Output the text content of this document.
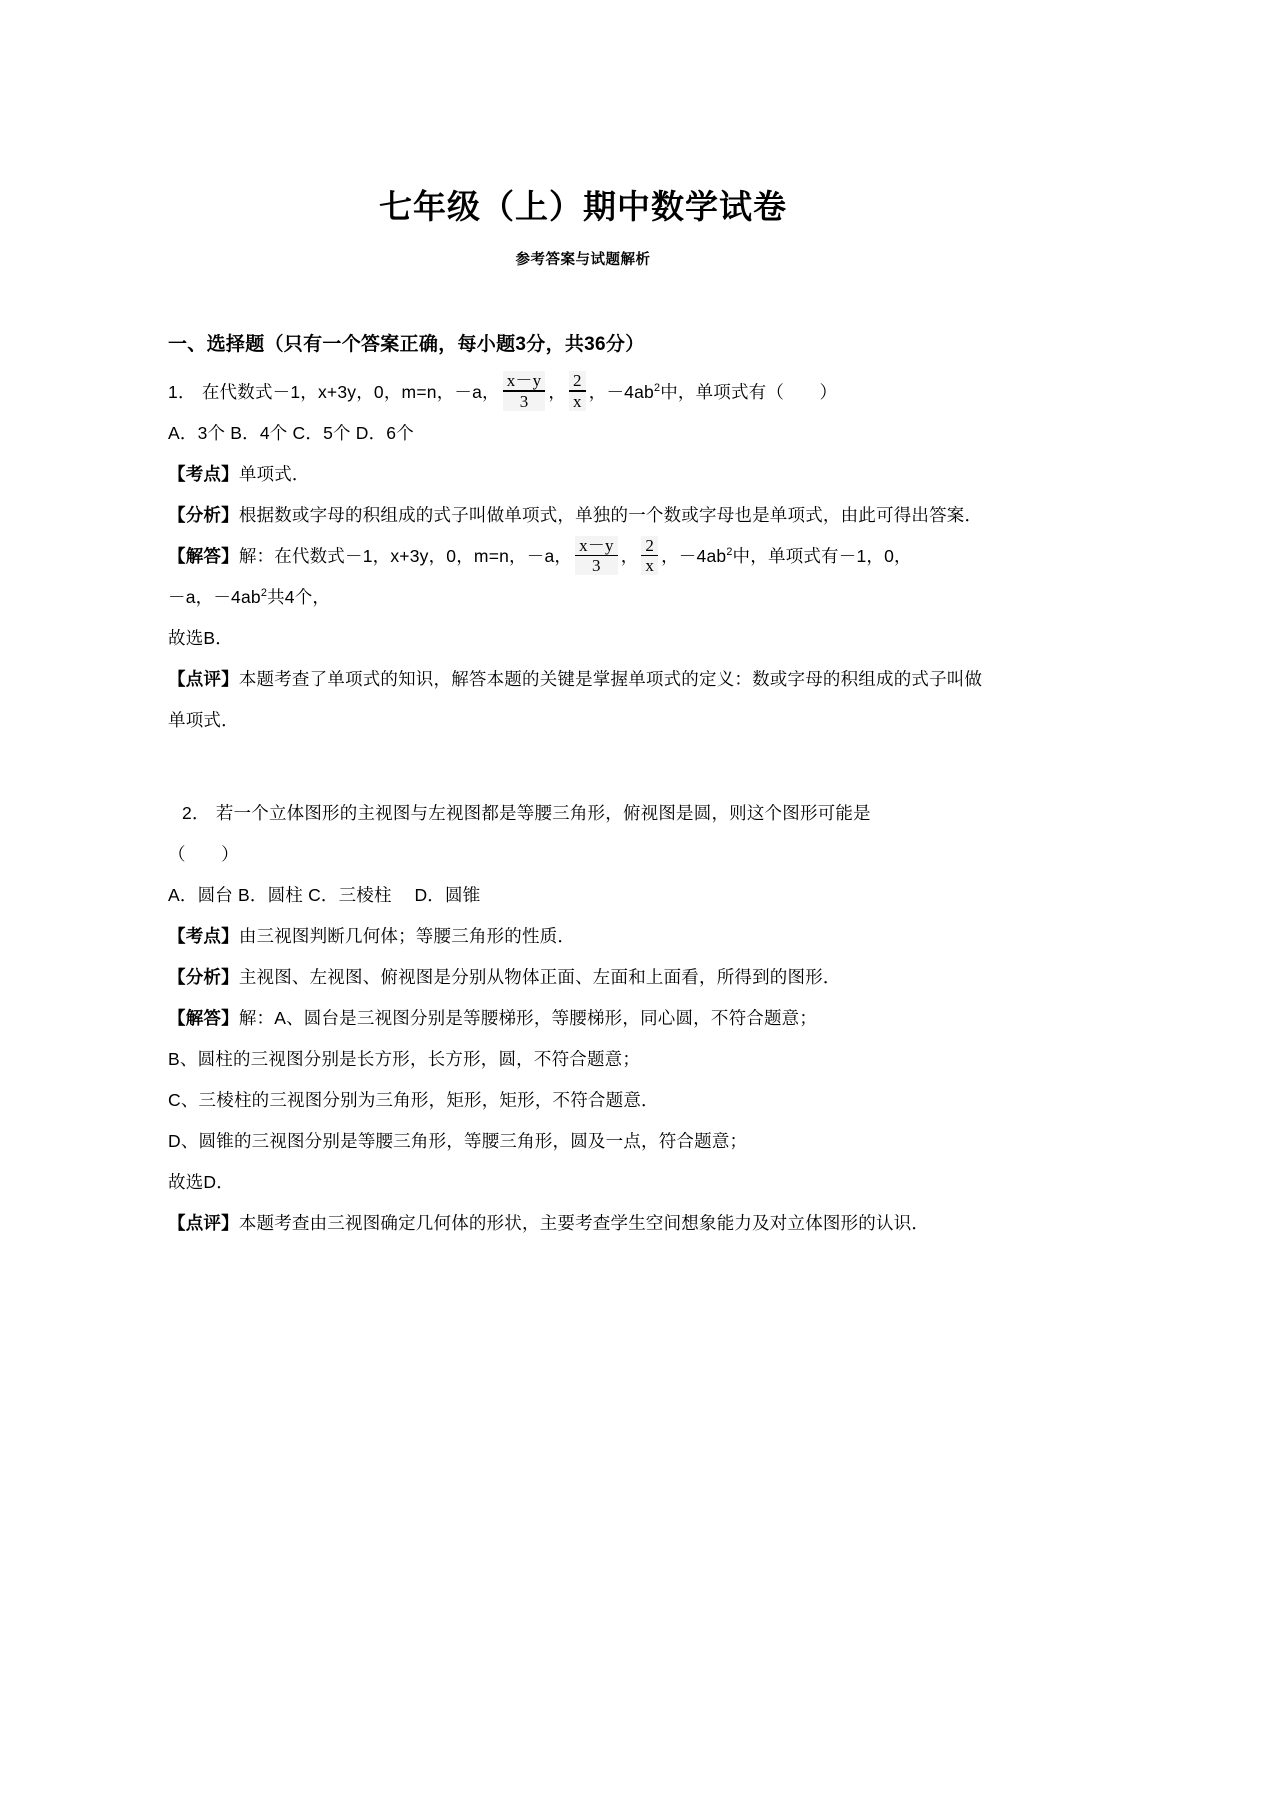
七年级（上）期中数学试卷
参考答案与试题解析
一、选择题（只有一个答案正确，每小题3分，共36分）
1． 在代数式－1，x+3y，0，m=n，－a， $\frac{x-y}{3}$ ， $\frac{2}{x}$ ，$-4ab^2$中，单项式有（　　）
A．3个 B．4个 C．5个 D．6个
【考点】单项式．
【分析】根据数或字母的积组成的式子叫做单项式，单独的一个数或字母也是单项式，由此可得出答案．
【解答】解：在代数式－1，x+3y，0，m=n，－a， $\frac{x-y}{3}$ ， $\frac{2}{x}$ ，$-4ab^2$中，单项式有－1，0，
－a，$-4ab^2$共4个，
故选B．
【点评】本题考查了单项式的知识，解答本题的关键是掌握单项式的定义：数或字母的积组成的式子叫做单项式．
2． 若一个立体图形的主视图与左视图都是等腰三角形，俯视图是圆，则这个图形可能是
（　　）
A．圆台 B．圆柱 C．三棱柱　 D．圆锥
【考点】由三视图判断几何体；等腰三角形的性质．
【分析】主视图、左视图、俯视图是分别从物体正面、左面和上面看，所得到的图形．
【解答】解：A、圆台是三视图分别是等腰梯形，等腰梯形，同心圆，不符合题意；
B、圆柱的三视图分别是长方形，长方形，圆，不符合题意；
C、三棱柱的三视图分别为三角形，矩形，矩形，不符合题意．
D、圆锥的三视图分别是等腰三角形，等腰三角形，圆及一点，符合题意；
故选D．
【点评】本题考查由三视图确定几何体的形状，主要考查学生空间想象能力及对立体图形的认识．
